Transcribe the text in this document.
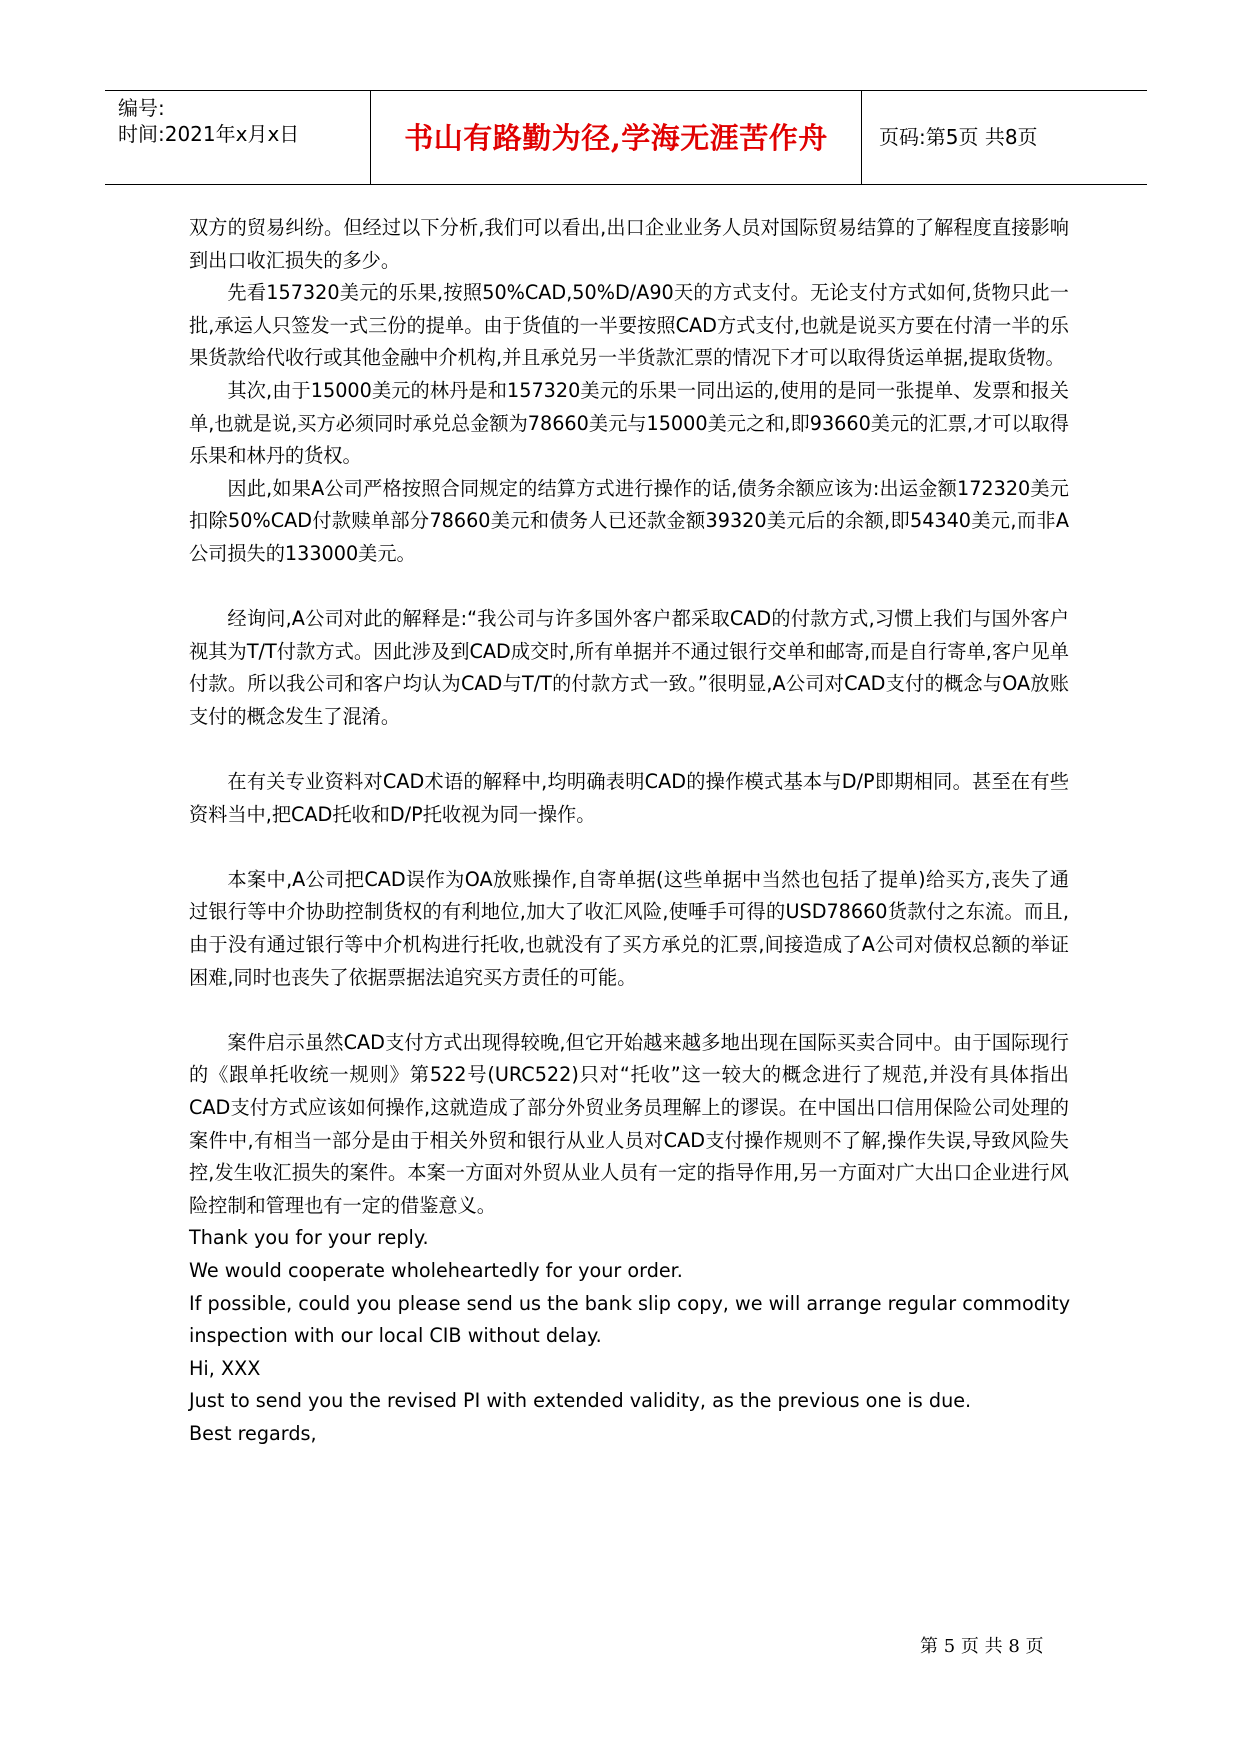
编号:
时间:2021年x月x日	书山有路勤为径,学海无涯苦作舟	页码:第5页 共8页

双方的贸易纠纷。但经过以下分析,我们可以看出,出口企业业务人员对国际贸易结算的了解程度直接影响到出口收汇损失的多少。

先看157320美元的乐果,按照50%CAD,50%D/A90天的方式支付。无论支付方式如何,货物只此一批,承运人只签发一式三份的提单。由于货值的一半要按照CAD方式支付,也就是说买方要在付清一半的乐果货款给代收行或其他金融中介机构,并且承兑另一半货款汇票的情况下才可以取得货运单据,提取货物。

其次,由于15000美元的林丹是和157320美元的乐果一同出运的,使用的是同一张提单、发票和报关单,也就是说,买方必须同时承兑总金额为78660美元与15000美元之和,即93660美元的汇票,才可以取得乐果和林丹的货权。

因此,如果A公司严格按照合同规定的结算方式进行操作的话,债务余额应该为:出运金额172320美元扣除50%CAD付款赎单部分78660美元和债务人已还款金额39320美元后的余额,即54340美元,而非A公司损失的133000美元。

经询问,A公司对此的解释是:“我公司与许多国外客户都采取CAD的付款方式,习惯上我们与国外客户视其为T/T付款方式。因此涉及到CAD成交时,所有单据并不通过银行交单和邮寄,而是自行寄单,客户见单付款。所以我公司和客户均认为CAD与T/T的付款方式一致。”很明显,A公司对CAD支付的概念与OA放账支付的概念发生了混淆。

在有关专业资料对CAD术语的解释中,均明确表明CAD的操作模式基本与D/P即期相同。甚至在有些资料当中,把CAD托收和D/P托收视为同一操作。

本案中,A公司把CAD误作为OA放账操作,自寄单据(这些单据中当然也包括了提单)给买方,丧失了通过银行等中介协助控制货权的有利地位,加大了收汇风险,使唾手可得的USD78660货款付之东流。而且,由于没有通过银行等中介机构进行托收,也就没有了买方承兑的汇票,间接造成了A公司对债权总额的举证困难,同时也丧失了依据票据法追究买方责任的可能。

案件启示虽然CAD支付方式出现得较晚,但它开始越来越多地出现在国际买卖合同中。由于国际现行的《跟单托收统一规则》第522号(URC522)只对“托收”这一较大的概念进行了规范,并没有具体指出CAD支付方式应该如何操作,这就造成了部分外贸业务员理解上的谬误。在中国出口信用保险公司处理的案件中,有相当一部分是由于相关外贸和银行从业人员对CAD支付操作规则不了解,操作失误,导致风险失控,发生收汇损失的案件。本案一方面对外贸从业人员有一定的指导作用,另一方面对广大出口企业进行风险控制和管理也有一定的借鉴意义。

Thank you for your reply.

We would cooperate wholeheartedly for your order.

If possible, could you please send us the bank slip copy, we will arrange regular commodity

inspection with our local CIB without delay.

Hi, XXX

Just to send you the revised PI with extended validity, as the previous one is due.

Best regards,

第 5 页 共 8 页
